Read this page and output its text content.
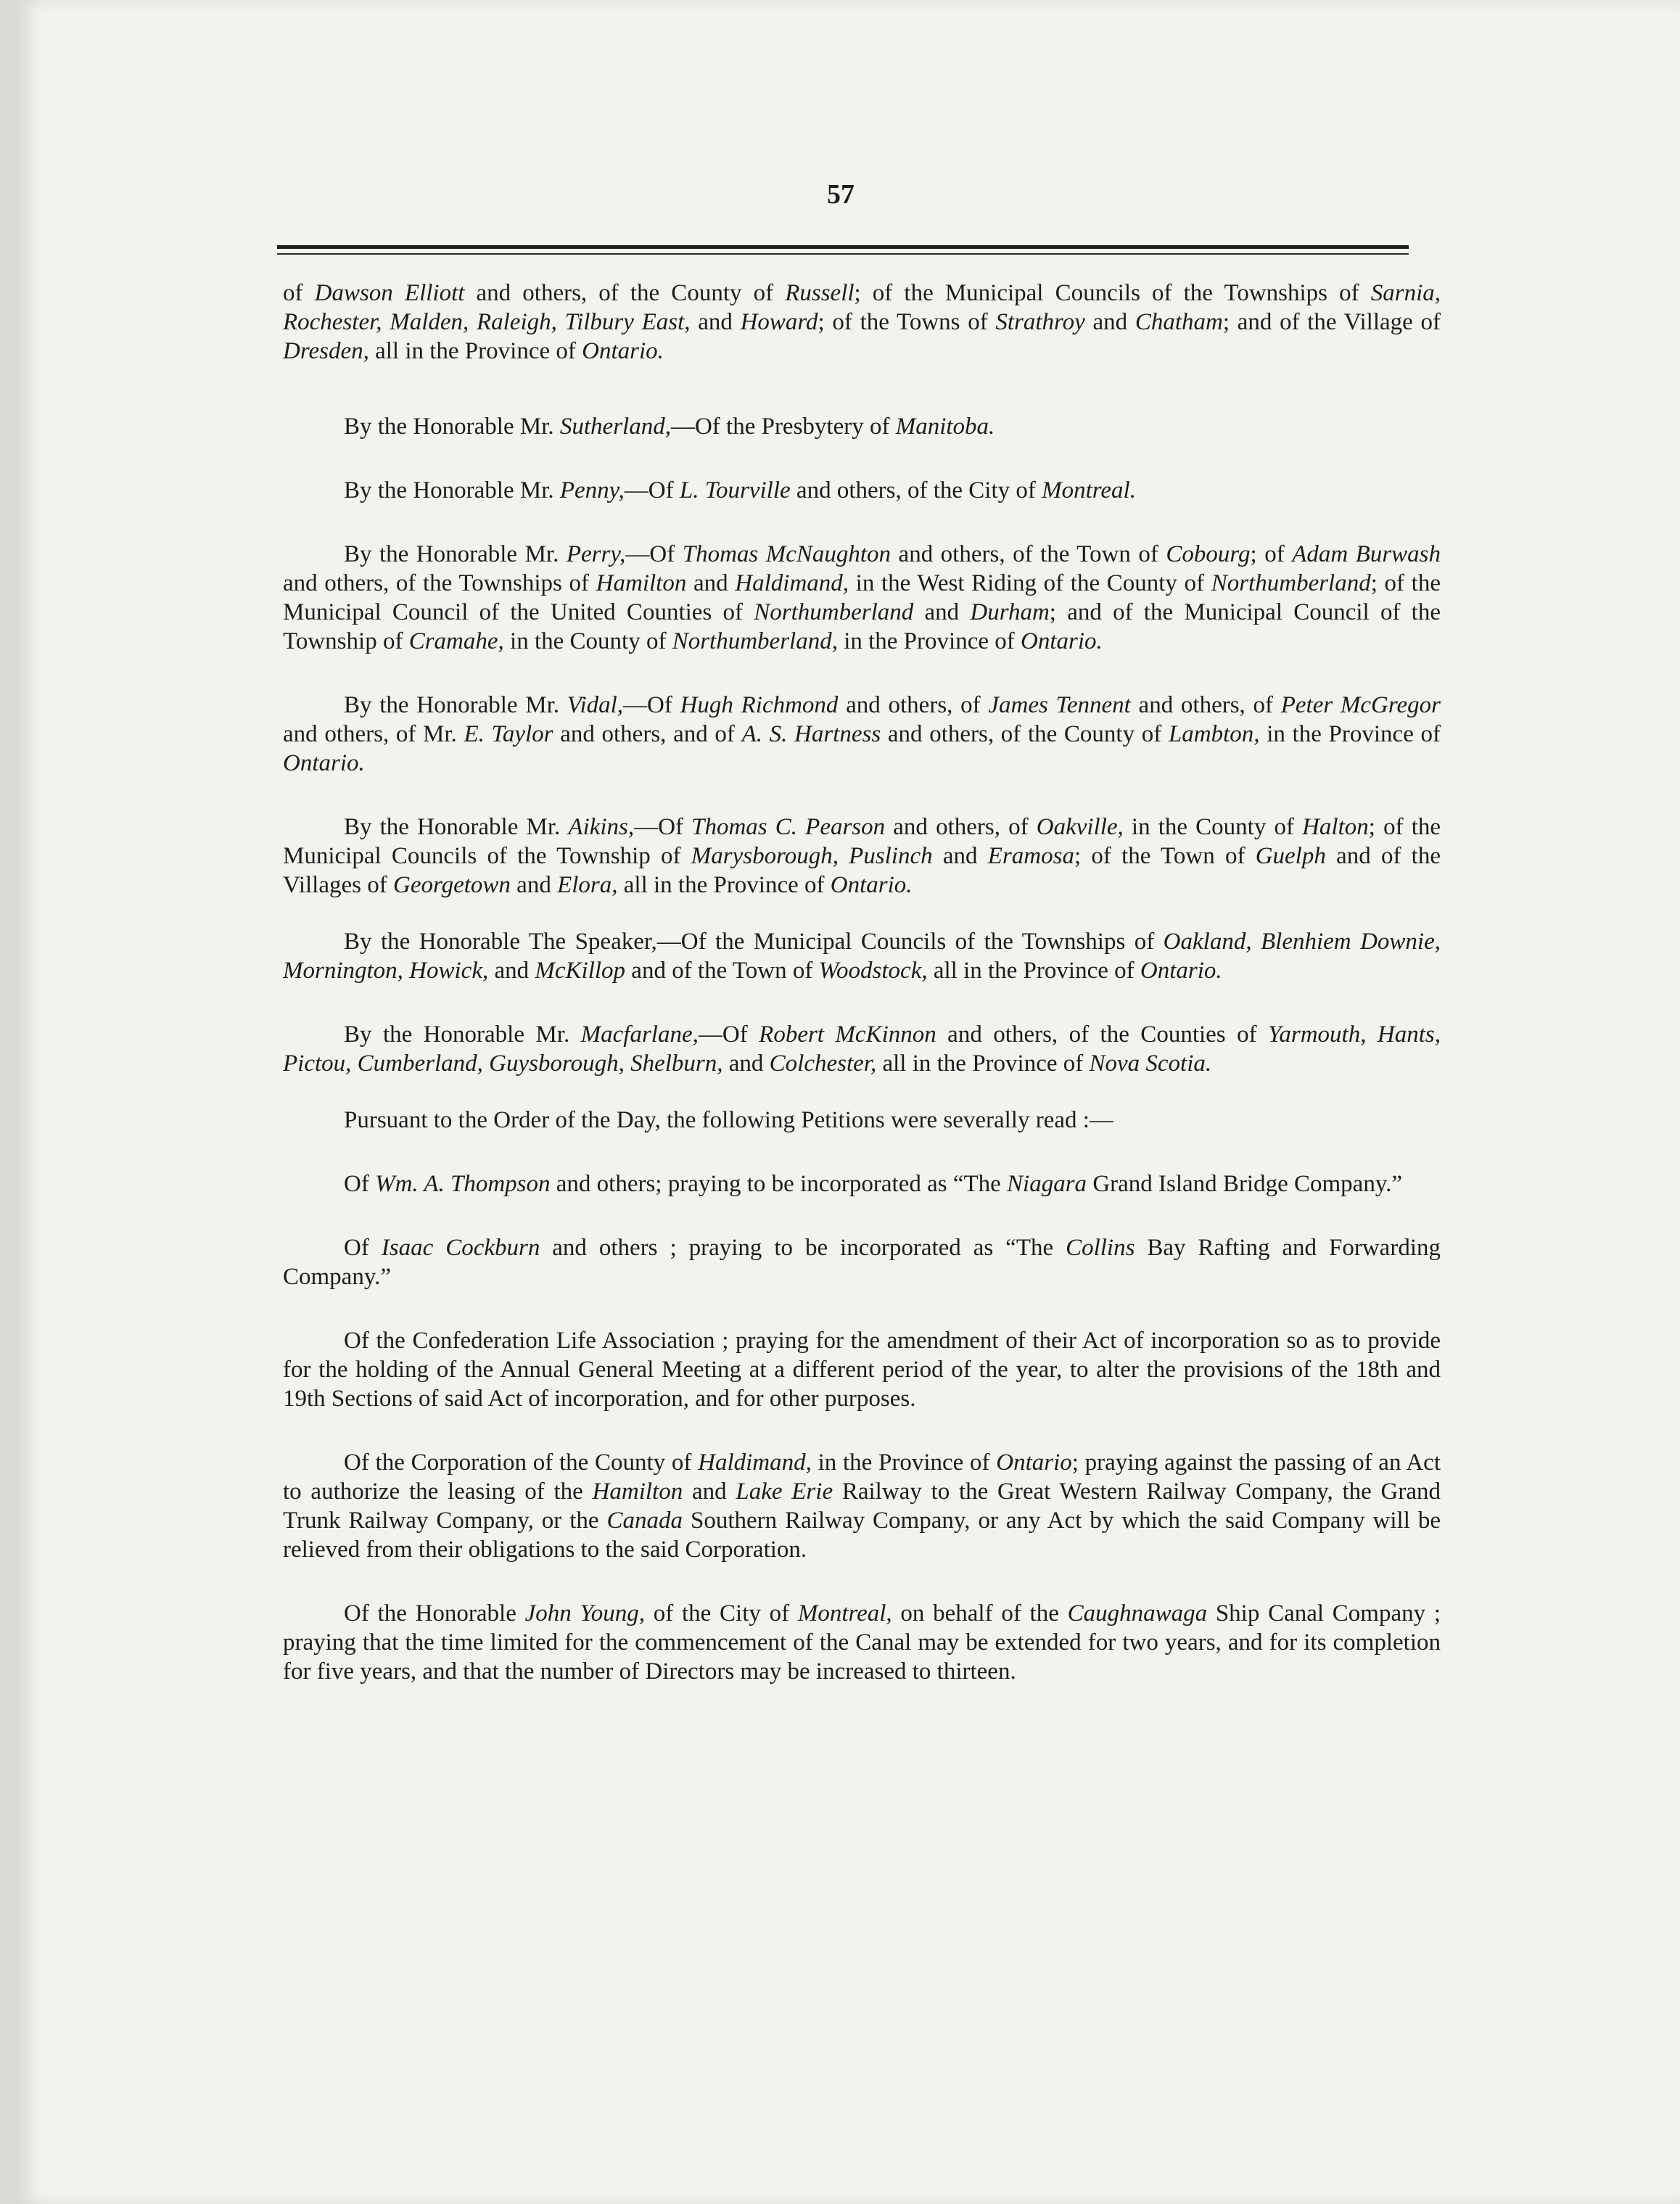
57

of Dawson Elliott and others, of the County of Russell; of the Municipal Councils of the Townships of Sarnia, Rochester, Malden, Raleigh, Tilbury East, and Howard; of the Towns of Strathroy and Chatham; and of the Village of Dresden, all in the Province of Ontario.

By the Honorable Mr. Sutherland,—Of the Presbytery of Manitoba.

By the Honorable Mr. Penny,—Of L. Tourville and others, of the City of Montreal.

By the Honorable Mr. Perry,—Of Thomas McNaughton and others, of the Town of Cobourg; of Adam Burwash and others, of the Townships of Hamilton and Haldimand, in the West Riding of the County of Northumberland; of the Municipal Council of the United Counties of Northumberland and Durham; and of the Municipal Council of the Township of Cramahe, in the County of Northumberland, in the Province of Ontario.

By the Honorable Mr. Vidal,—Of Hugh Richmond and others, of James Tennent and others, of Peter McGregor and others, of Mr. E. Taylor and others, and of A. S. Hartness and others, of the County of Lambton, in the Province of Ontario.

By the Honorable Mr. Aikins,—Of Thomas C. Pearson and others, of Oakville, in the County of Halton; of the Municipal Councils of the Township of Marysborough, Puslinch and Eramosa; of the Town of Guelph and of the Villages of Georgetown and Elora, all in the Province of Ontario.

By the Honorable The Speaker,—Of the Municipal Councils of the Townships of Oakland, Blenhiem Downie, Mornington, Howick, and McKillop and of the Town of Woodstock, all in the Province of Ontario.

By the Honorable Mr. Macfarlane,—Of Robert McKinnon and others, of the Counties of Yarmouth, Hants, Pictou, Cumberland, Guysborough, Shelburn, and Colchester, all in the Province of Nova Scotia.

Pursuant to the Order of the Day, the following Petitions were severally read :—

Of Wm. A. Thompson and others; praying to be incorporated as “The Niagara Grand Island Bridge Company.”

Of Isaac Cockburn and others ; praying to be incorporated as “The Collins Bay Rafting and Forwarding Company.”

Of the Confederation Life Association ; praying for the amendment of their Act of incorporation so as to provide for the holding of the Annual General Meeting at a different period of the year, to alter the provisions of the 18th and 19th Sections of said Act of incorporation, and for other purposes.

Of the Corporation of the County of Haldimand, in the Province of Ontario; praying against the passing of an Act to authorize the leasing of the Hamilton and Lake Erie Railway to the Great Western Railway Company, the Grand Trunk Railway Company, or the Canada Southern Railway Company, or any Act by which the said Company will be relieved from their obligations to the said Corporation.

Of the Honorable John Young, of the City of Montreal, on behalf of the Caughnawaga Ship Canal Company ; praying that the time limited for the commencement of the Canal may be extended for two years, and for its completion for five years, and that the number of Directors may be increased to thirteen.
